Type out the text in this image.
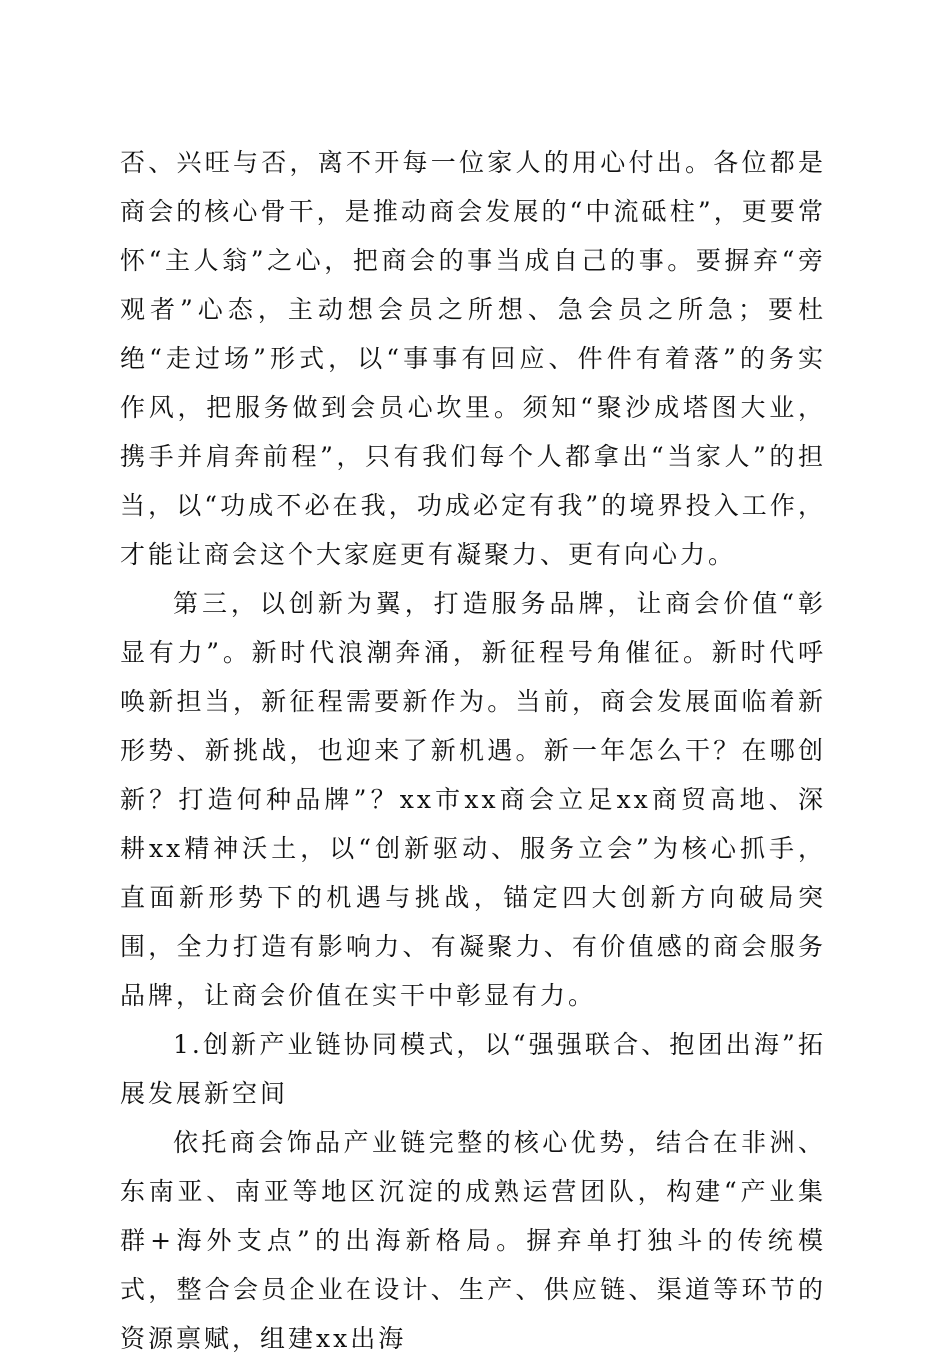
否、兴旺与否，离不开每一位家人的用心付出。各位都是商会的核心骨干，是推动商会发展的“中流砥柱”，更要常怀“主人翁”之心，把商会的事当成自己的事。要摒弃“旁观者”心态，主动想会员之所想、急会员之所急；要杜绝“走过场”形式，以“事事有回应、件件有着落”的务实作风，把服务做到会员心坎里。须知“聚沙成塔图大业，携手并肩奔前程”，只有我们每个人都拿出“当家人”的担当，以“功成不必在我，功成必定有我”的境界投入工作，才能让商会这个大家庭更有凝聚力、更有向心力。

第三，以创新为翼，打造服务品牌，让商会价值“彰显有力”。新时代浪潮奔涌，新征程号角催征。新时代呼唤新担当，新征程需要新作为。当前，商会发展面临着新形势、新挑战，也迎来了新机遇。新一年怎么干？在哪创新？打造何种品牌”？xx市xx商会立足xx商贸高地、深耕xx精神沃土，以“创新驱动、服务立会”为核心抓手，直面新形势下的机遇与挑战，锚定四大创新方向破局突围，全力打造有影响力、有凝聚力、有价值感的商会服务品牌，让商会价值在实干中彰显有力。

1.创新产业链协同模式，以“强强联合、抱团出海”拓展发展新空间

依托商会饰品产业链完整的核心优势，结合在非洲、东南亚、南亚等地区沉淀的成熟运营团队，构建“产业集群+海外支点”的出海新格局。摒弃单打独斗的传统模式，整合会员企业在设计、生产、供应链、渠道等环节的资源禀赋，组建xx出海
